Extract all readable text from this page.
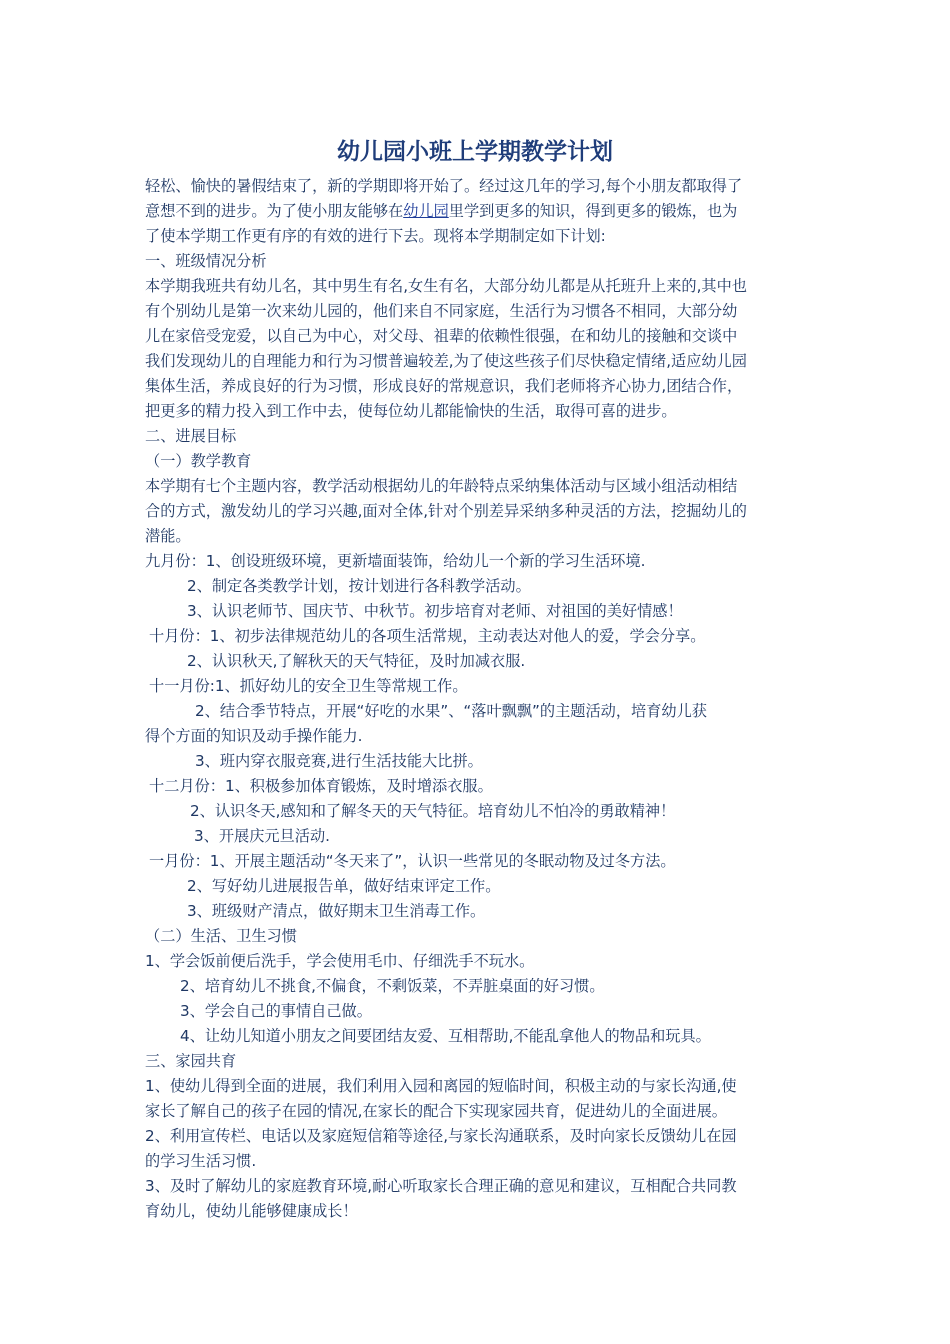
幼儿园小班上学期教学计划
轻松、愉快的暑假结束了，新的学期即将开始了。经过这几年的学习,每个小朋友都取得了
意想不到的进步。为了使小朋友能够在幼儿园里学到更多的知识，得到更多的锻炼，也为
了使本学期工作更有序的有效的进行下去。现将本学期制定如下计划:
一、班级情况分析
本学期我班共有幼儿名，其中男生有名,女生有名，大部分幼儿都是从托班升上来的,其中也
有个别幼儿是第一次来幼儿园的，他们来自不同家庭，生活行为习惯各不相同，大部分幼
儿在家倍受宠爱，以自己为中心，对父母、祖辈的依赖性很强，在和幼儿的接触和交谈中
我们发现幼儿的自理能力和行为习惯普遍较差,为了使这些孩子们尽快稳定情绪,适应幼儿园
集体生活，养成良好的行为习惯，形成良好的常规意识，我们老师将齐心协力,团结合作，
把更多的精力投入到工作中去，使每位幼儿都能愉快的生活，取得可喜的进步。
二、进展目标
（一）教学教育
本学期有七个主题内容，教学活动根据幼儿的年龄特点采纳集体活动与区域小组活动相结
合的方式，激发幼儿的学习兴趣,面对全体,针对个别差异采纳多种灵活的方法，挖掘幼儿的
潜能。
九月份：1、创设班级环境，更新墙面装饰，给幼儿一个新的学习生活环境.
2、制定各类教学计划，按计划进行各科教学活动。
3、认识老师节、国庆节、中秋节。初步培育对老师、对祖国的美好情感！
十月份：1、初步法律规范幼儿的各项生活常规，主动表达对他人的爱，学会分享。
2、认识秋天,了解秋天的天气特征，及时加减衣服.
十一月份:1、抓好幼儿的安全卫生等常规工作。
2、结合季节特点，开展“好吃的水果”、“落叶飘飘”的主题活动，培育幼儿获
得个方面的知识及动手操作能力.
3、班内穿衣服竞赛,进行生活技能大比拼。
十二月份：1、积极参加体育锻炼，及时增添衣服。
2、认识冬天,感知和了解冬天的天气特征。培育幼儿不怕冷的勇敢精神！
3、开展庆元旦活动.
一月份：1、开展主题活动“冬天来了”，认识一些常见的冬眠动物及过冬方法。
2、写好幼儿进展报告单，做好结束评定工作。
3、班级财产清点，做好期末卫生消毒工作。
（二）生活、卫生习惯
1、学会饭前便后洗手，学会使用毛巾、仔细洗手不玩水。
2、培育幼儿不挑食,不偏食，不剩饭菜，不弄脏桌面的好习惯。
3、学会自己的事情自己做。
4、让幼儿知道小朋友之间要团结友爱、互相帮助,不能乱拿他人的物品和玩具。
三、家园共育
1、使幼儿得到全面的进展，我们利用入园和离园的短临时间，积极主动的与家长沟通,使
家长了解自己的孩子在园的情况,在家长的配合下实现家园共育，促进幼儿的全面进展。
2、利用宣传栏、电话以及家庭短信箱等途径,与家长沟通联系，及时向家长反馈幼儿在园
的学习生活习惯.
3、及时了解幼儿的家庭教育环境,耐心听取家长合理正确的意见和建议，互相配合共同教
育幼儿，使幼儿能够健康成长！
